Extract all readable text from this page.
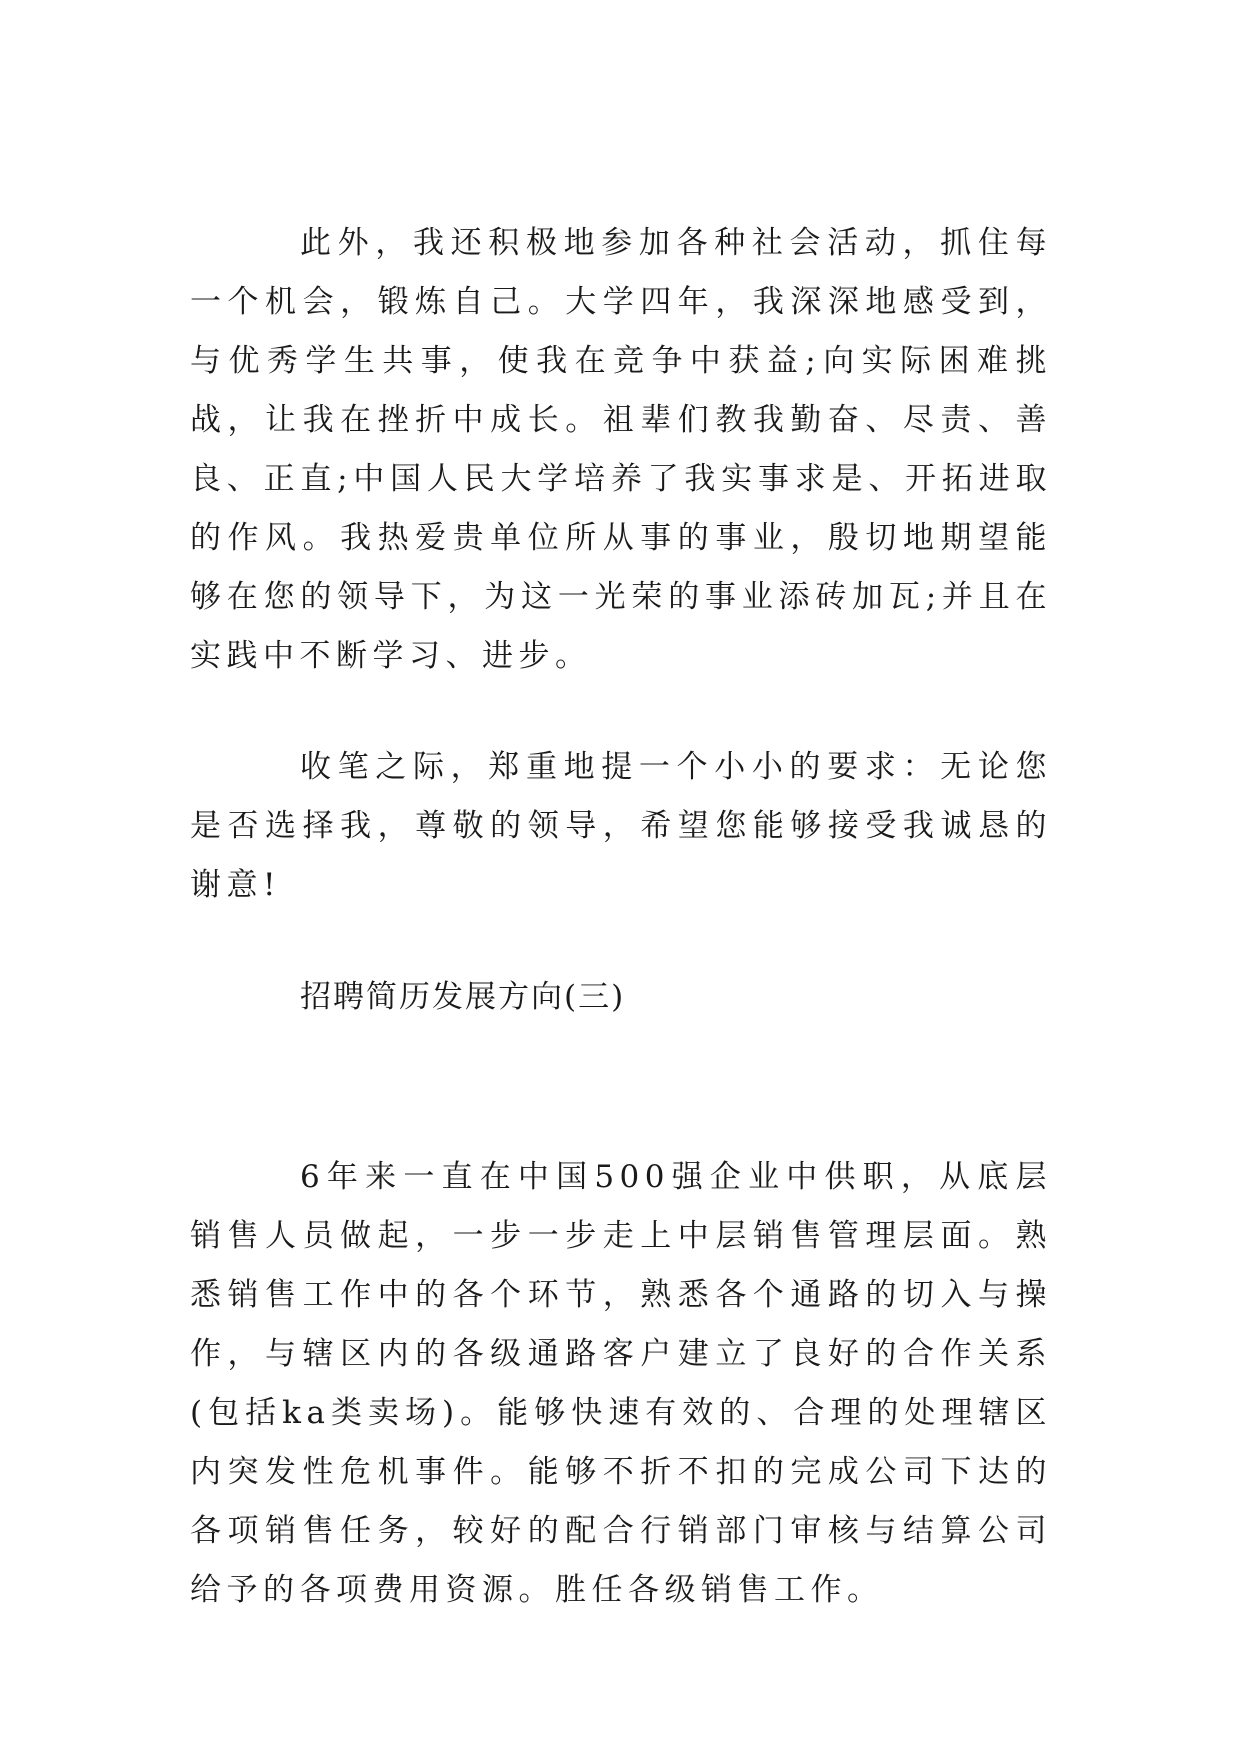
此外，我还积极地参加各种社会活动，抓住每一个机会，锻炼自己。大学四年，我深深地感受到，与优秀学生共事，使我在竞争中获益;向实际困难挑战，让我在挫折中成长。祖辈们教我勤奋、尽责、善良、正直;中国人民大学培养了我实事求是、开拓进取的作风。我热爱贵单位所从事的事业，殷切地期望能够在您的领导下，为这一光荣的事业添砖加瓦;并且在实践中不断学习、进步。

收笔之际，郑重地提一个小小的要求：无论您是否选择我，尊敬的领导，希望您能够接受我诚恳的谢意!

招聘简历发展方向(三)

6年来一直在中国500强企业中供职，从底层销售人员做起，一步一步走上中层销售管理层面。熟悉销售工作中的各个环节，熟悉各个通路的切入与操作，与辖区内的各级通路客户建立了良好的合作关系(包括ka类卖场)。能够快速有效的、合理的处理辖区内突发性危机事件。能够不折不扣的完成公司下达的各项销售任务，较好的配合行销部门审核与结算公司给予的各项费用资源。胜任各级销售工作。
